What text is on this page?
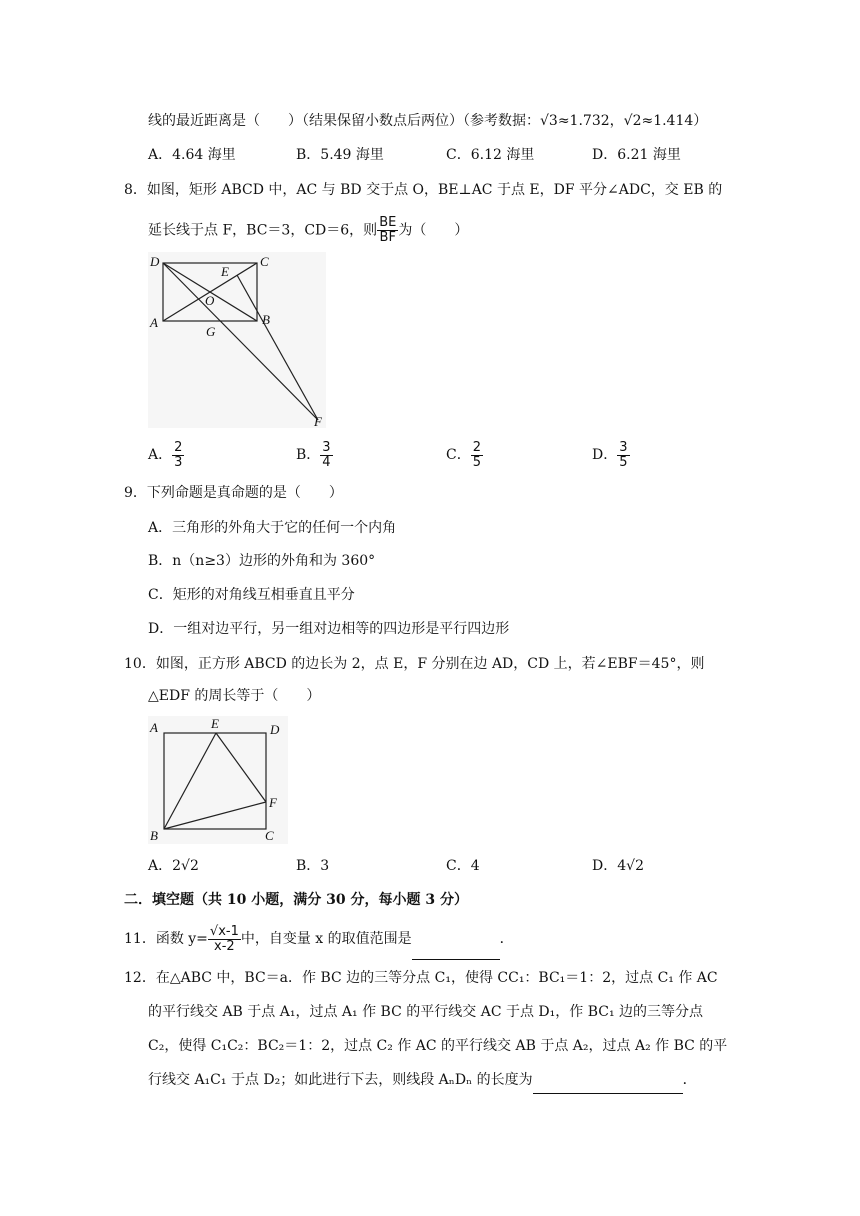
线的最近距离是（　　）（结果保留小数点后两位）（参考数据：√3≈1.732，√2≈1.414）
A．4.64 海里	B．5.49 海里	C．6.12 海里	D．6.21 海里
8．如图，矩形 ABCD 中，AC 与 BD 交于点 O，BE⊥AC 于点 E，DF 平分∠ADC，交 EB 的
延长线于点 F，BC＝3，CD＝6，则 $\frac{BE}{BF}$ 为（　　）
D	C
E
O
A
G
B
F
A． $\frac{2}{3}$	B． $\frac{3}{4}$	C． $\frac{2}{5}$	D． $\frac{3}{5}$
9．下列命题是真命题的是（　　）
A．三角形的外角大于它的任何一个内角
B．n（n≥3）边形的外角和为 360°
C．矩形的对角线互相垂直且平分
D．一组对边平行，另一组对边相等的四边形是平行四边形
10．如图，正方形 ABCD 的边长为 2，点 E，F 分别在边 AD，CD 上，若∠EBF＝45°，则
△EDF 的周长等于（　　）
A	E	D
F
B	C
A．2√2	B．3	C．4	D．4√2
二．填空题（共 10 小题，满分 30 分，每小题 3 分）
11．函数 $y= \frac{√x-1}{x-2}$ 中，自变量 x 的取值范围是	．
12．在△ABC 中，BC＝a．作 BC 边的三等分点 C₁，使得 CC₁：BC₁＝1：2，过点 C₁ 作 AC
的平行线交 AB 于点 A₁，过点 A₁ 作 BC 的平行线交 AC 于点 D₁，作 BC₁ 边的三等分点
C₂，使得 C₁C₂：BC₂＝1：2，过点 C₂ 作 AC 的平行线交 AB 于点 A₂，过点 A₂ 作 BC 的平
行线交 A₁C₁ 于点 D₂；如此进行下去，则线段 AₙDₙ 的长度为	．
